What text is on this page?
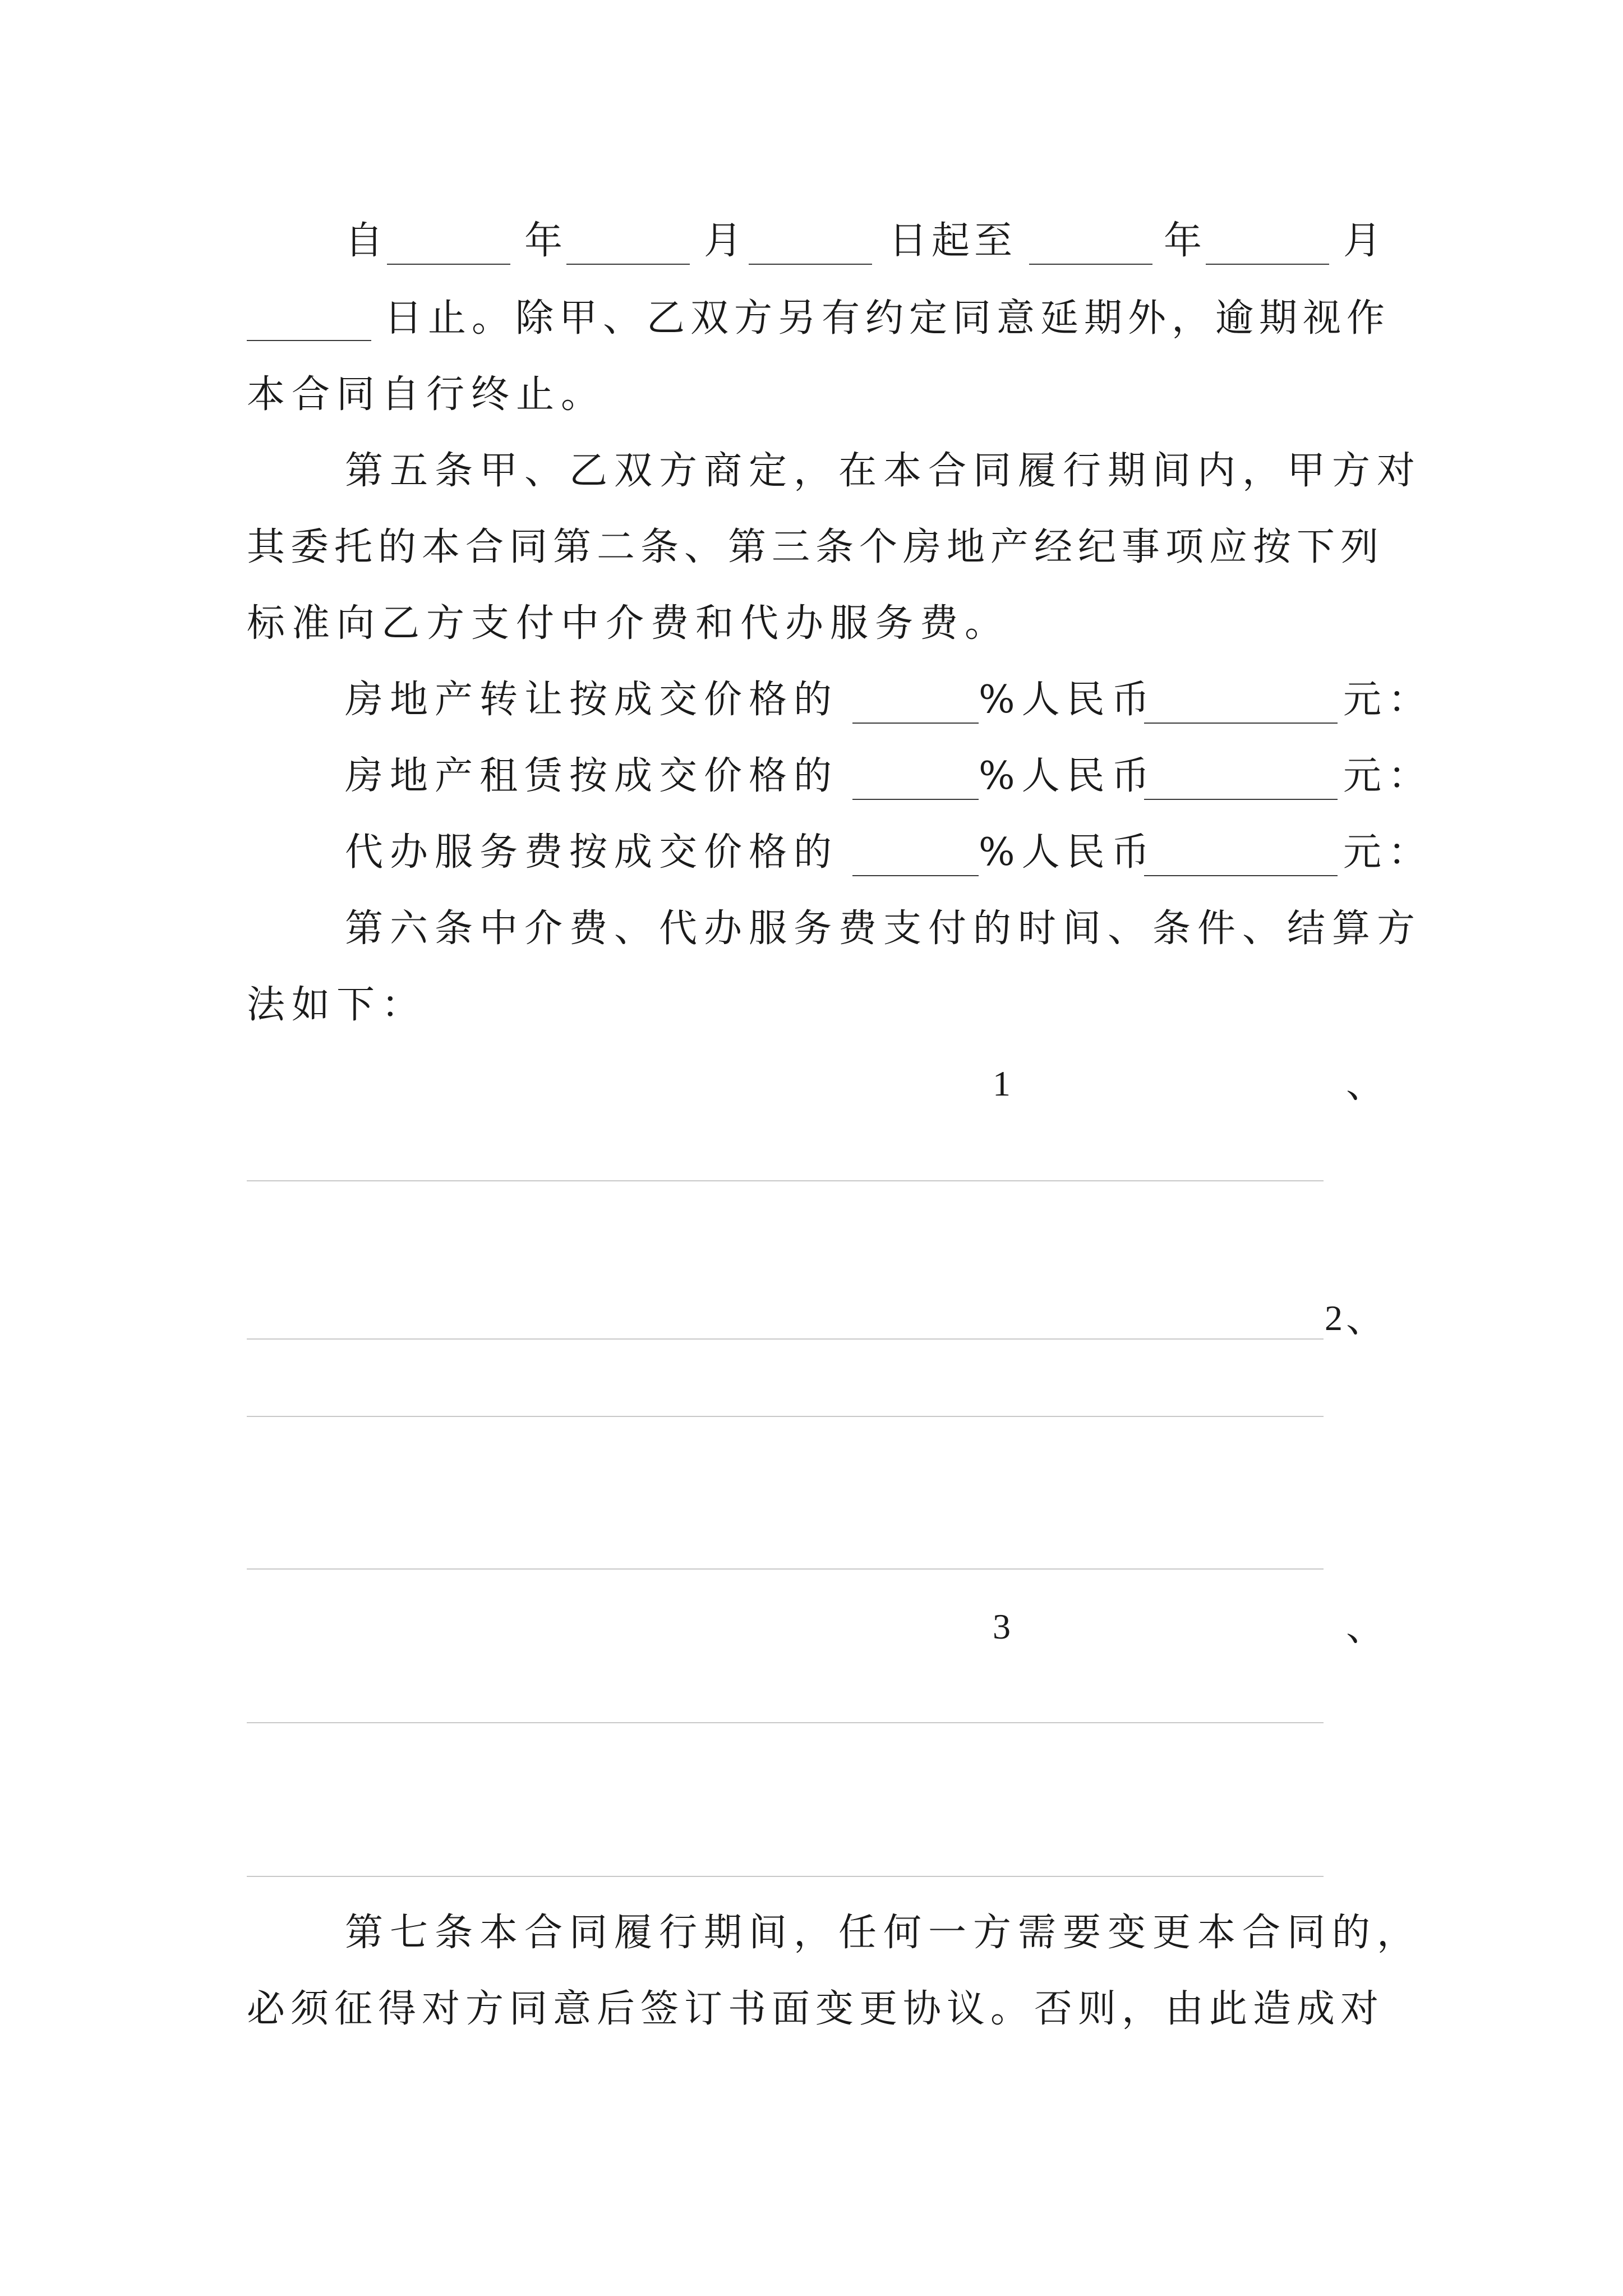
自	年	月	日起至	年	月
日止。除甲、乙双方另有约定同意延期外，逾期视作
本合同自行终止。
第五条甲、乙双方商定，在本合同履行期间内，甲方对
其委托的本合同第二条、第三条个房地产经纪事项应按下列
标准向乙方支付中介费和代办服务费。
房地产转让按成交价格的	%人民币	元：
房地产租赁按成交价格的	%人民币	元：
代办服务费按成交价格的	%人民币	元：
第六条中介费、代办服务费支付的时间、条件、结算方
法如下：
1	、
2 、
3	、
第七条本合同履行期间，任何一方需要变更本合同的，
必须征得对方同意后签订书面变更协议。否则，由此造成对
